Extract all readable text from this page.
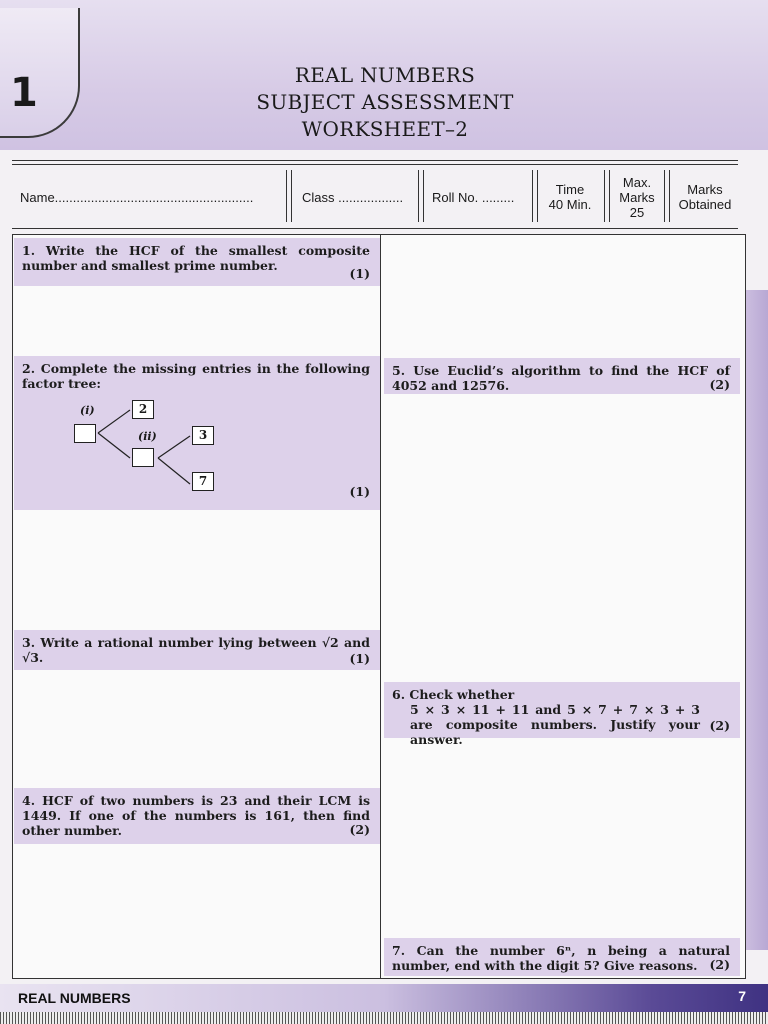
1	REAL NUMBERS
SUBJECT ASSESSMENT
WORKSHEET–2
Name.......................................................	Class .................. Roll No. .........	Time
40 Min.
Max.
Marks
25
Marks
Obtained
1. Write the HCF of the smallest composite number and smallest prime number.
(1)
2. Complete the missing entries in the following factor tree:
(1)
(i)	2
(ii)	3
7
3. Write a rational number lying between √2 and √3.	(1)
4. HCF of two numbers is 23 and their LCM is 1449. If one of the numbers is 161, then find other number.	(2)
5. Use Euclid’s algorithm to find the HCF of 4052 and 12576.	(2)
6. Check whether
5 × 3 × 11 + 11 and 5 × 7 + 7 × 3 + 3 are composite numbers. Justify your answer.
(2)
7. Can the number 6ⁿ, n being a natural number, end with the digit 5? Give reasons. (2)
REAL NUMBERS	7
